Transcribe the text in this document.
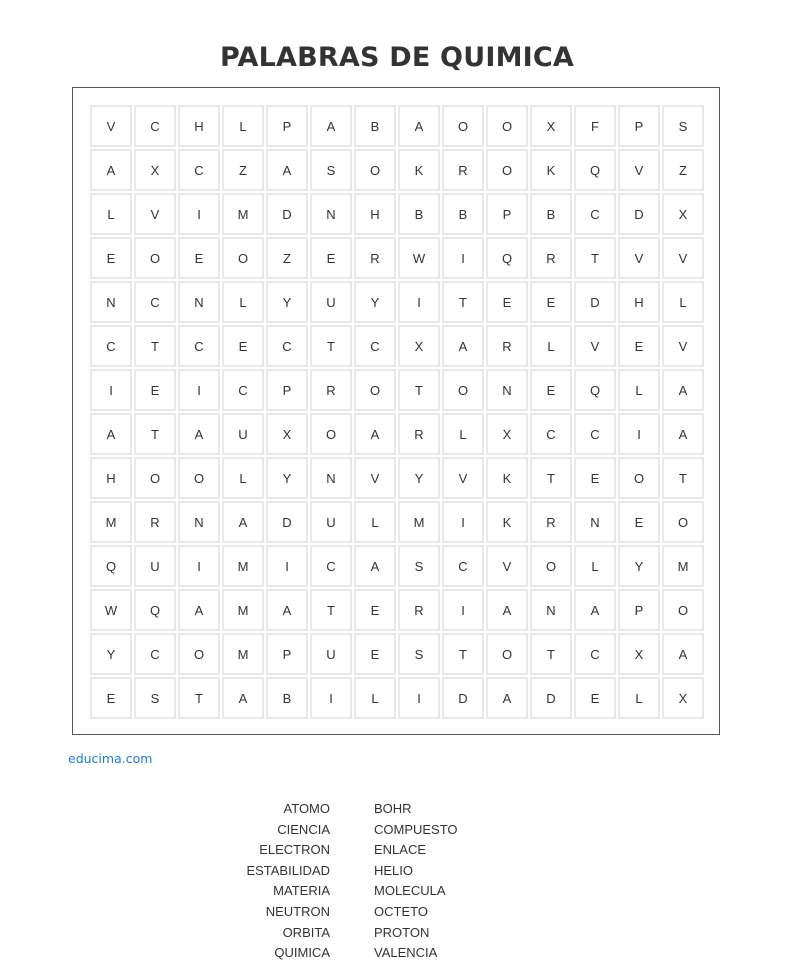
PALABRAS DE QUIMICA
V	C	H	L	P	A	B	A	O	O	X	F	P	S
A	X	C	Z	A	S	O	K	R	O	K	Q	V	Z
L	V	I	M	D	N	H	B	B	P	B	C	D	X
E	O	E	O	Z	E	R	W	I	Q	R	T	V	V
N	C	N	L	Y	U	Y	I	T	E	E	D	H	L
C	T	C	E	C	T	C	X	A	R	L	V	E	V
I	E	I	C	P	R	O	T	O	N	E	Q	L	A
A	T	A	U	X	O	A	R	L	X	C	C	I	A
H	O	O	L	Y	N	V	Y	V	K	T	E	O	T
M	R	N	A	D	U	L	M	I	K	R	N	E	O
Q	U	I	M	I	C	A	S	C	V	O	L	Y	M
W	Q	A	M	A	T	E	R	I	A	N	A	P	O
Y	C	O	M	P	U	E	S	T	O	T	C	X	A
E	S	T	A	B	I	L	I	D	A	D	E	L	X
educima.com
ATOMO
CIENCIA
ELECTRON
ESTABILIDAD
MATERIA
NEUTRON
ORBITA
QUIMICA
BOHR
COMPUESTO
ENLACE
HELIO
MOLECULA
OCTETO
PROTON
VALENCIA
